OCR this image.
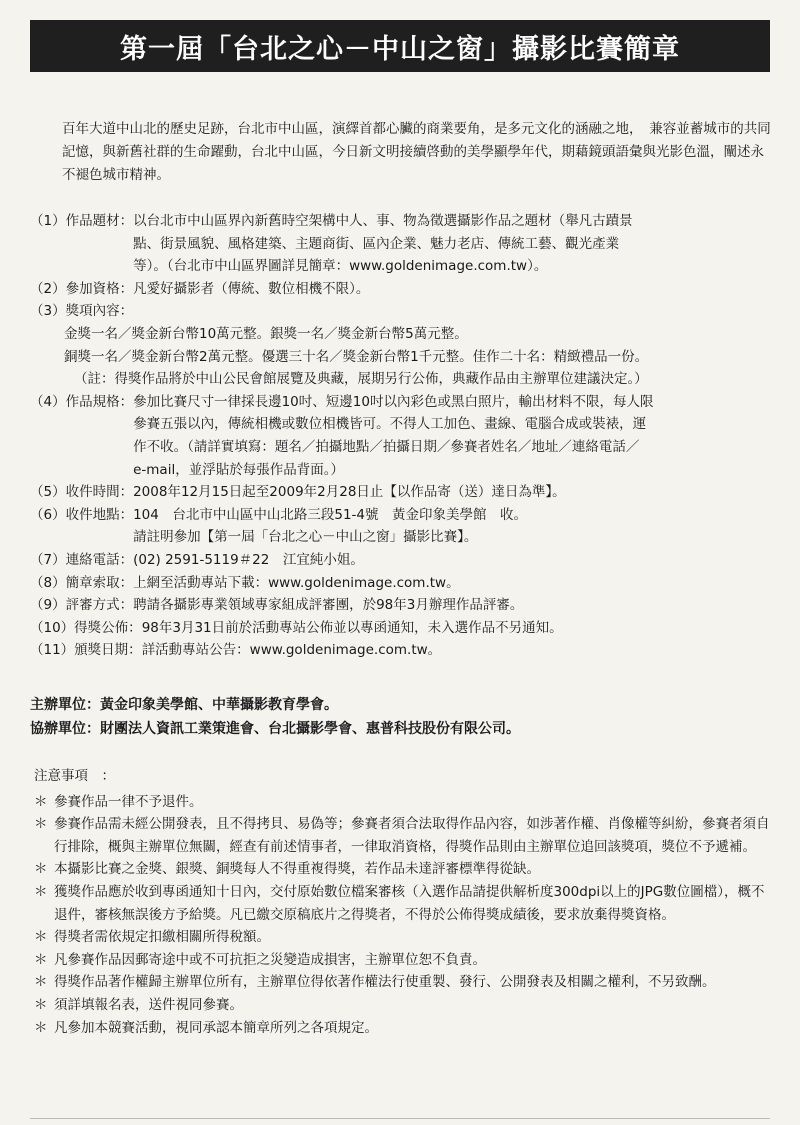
第一屆「台北之心－中山之窗」攝影比賽簡章

百年大道中山北的歷史足跡，台北市中山區，演繹首都心臟的商業要角，是多元文化的涵融之地，　兼容並蓄城市的共同記憶，與新舊社群的生命躍動，台北中山區，今日新文明接續啓動的美學顯學年代，期藉鏡頭語彙與光影色溫，闡述永不褪色城市精神。

（1）作品題材： 以台北市中山區界內新舊時空架構中人、事、物為徵選攝影作品之題材（舉凡古蹟景
點、街景風貌、風格建築、主題商街、區內企業、魅力老店、傳統工藝、觀光產業
等）。（台北市中山區界圖詳見簡章：www.goldenimage.com.tw）。
（2）參加資格： 凡愛好攝影者（傳統、數位相機不限）。
（3）獎項內容：
金獎一名／獎金新台幣10萬元整。銀獎一名／獎金新台幣5萬元整。
銅獎一名／獎金新台幣2萬元整。優選三十名／獎金新台幣1千元整。佳作二十名：精緻禮品一份。
（註：得獎作品將於中山公民會館展覽及典藏，展期另行公佈，典藏作品由主辦單位建議決定。）
（4）作品規格： 參加比賽尺寸一律採長邊10吋、短邊10吋以內彩色或黑白照片，輸出材料不限，每人限
參賽五張以內，傳統相機或數位相機皆可。不得人工加色、畫線、電腦合成或裝裱，運
作不收。（請詳實填寫：題名／拍攝地點／拍攝日期／參賽者姓名／地址／連絡電話／
e-mail，並浮貼於每張作品背面。）
（5）收件時間： 2008年12月15日起至2009年2月28日止【以作品寄（送）達日為準】。
（6）收件地點： 104　台北市中山區中山北路三段51-4號　黃金印象美學館　收。
請註明參加【第一屆「台北之心－中山之窗」攝影比賽】。
（7）連絡電話： (02) 2591-5119＃22　江宜純小姐。
（8）簡章索取： 上網至活動專站下載：www.goldenimage.com.tw。
（9）評審方式： 聘請各攝影專業領域專家組成評審團，於98年3月辦理作品評審。
（10）得獎公佈： 98年3月31日前於活動專站公佈並以專函通知，未入選作品不另通知。
（11）頒獎日期： 詳活動專站公告：www.goldenimage.com.tw。
主辦單位：黃金印象美學館、中華攝影教育學會。
協辦單位：財團法人資訊工業策進會、台北攝影學會、惠普科技股份有限公司。
注意事項　：
＊ 參賽作品一律不予退件。
＊ 參賽作品需未經公開發表，且不得拷貝、易偽等；參賽者須合法取得作品內容，如涉著作權、肖像權等糾紛，參賽者須自行排除，概與主辦單位無關，經查有前述情事者，一律取消資格，得獎作品則由主辦單位追回該獎項，獎位不予遞補。
＊ 本攝影比賽之金獎、銀獎、銅獎每人不得重複得獎，若作品未達評審標準得從缺。
＊ 獲獎作品應於收到專函通知十日內，交付原始數位檔案審核（入選作品請提供解析度300dpi以上的JPG數位圖檔），概不退件，審核無誤後方予給獎。凡已繳交原稿底片之得獎者，不得於公佈得獎成績後，要求放棄得獎資格。
＊ 得獎者需依規定扣繳相關所得稅額。
＊ 凡參賽作品因郵寄途中或不可抗拒之災變造成損害，主辦單位恕不負責。
＊ 得獎作品著作權歸主辦單位所有，主辦單位得依著作權法行使重製、發行、公開發表及相關之權利，不另致酬。
＊ 須詳填報名表，送件視同參賽。
＊ 凡參加本競賽活動，視同承認本簡章所列之各項規定。
